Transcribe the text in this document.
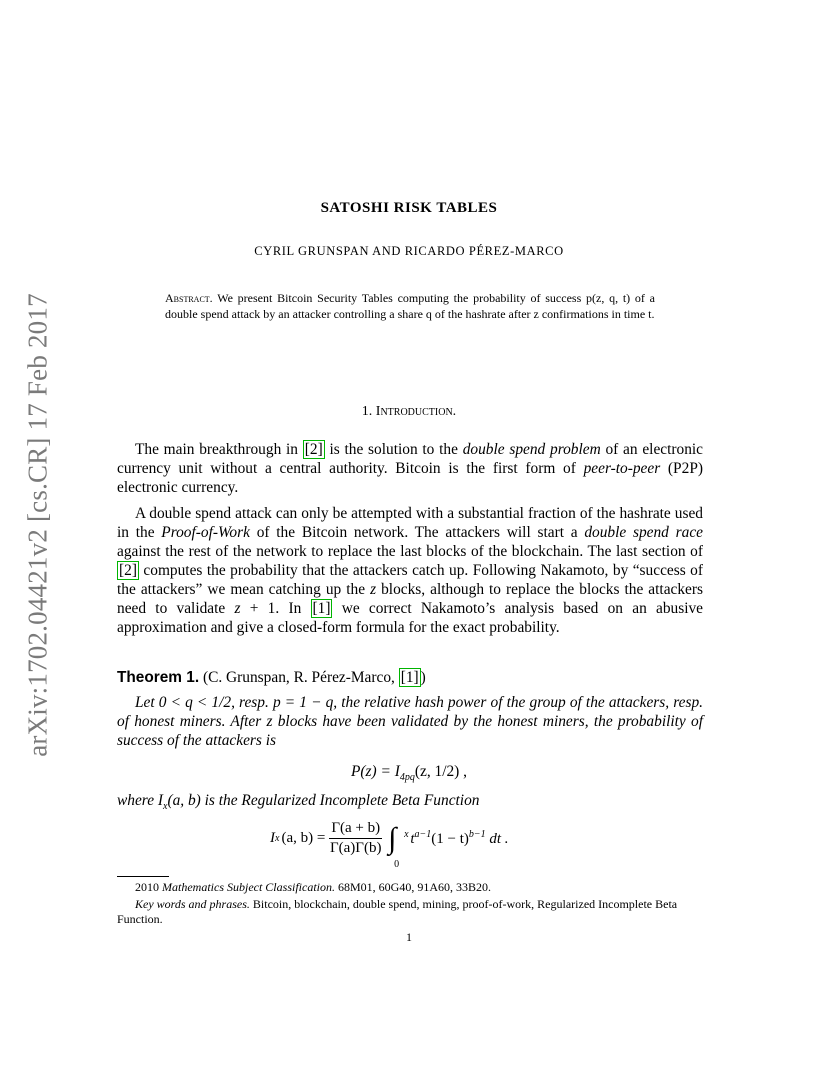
arXiv:1702.04421v2 [cs.CR] 17 Feb 2017
SATOSHI RISK TABLES
CYRIL GRUNSPAN AND RICARDO PÉREZ-MARCO
Abstract. We present Bitcoin Security Tables computing the probability of success p(z, q, t) of a double spend attack by an attacker controlling a share q of the hashrate after z confirmations in time t.
1. Introduction.
The main breakthrough in [2] is the solution to the double spend problem of an electronic currency unit without a central authority. Bitcoin is the first form of peer-to-peer (P2P) electronic currency.
A double spend attack can only be attempted with a substantial fraction of the hashrate used in the Proof-of-Work of the Bitcoin network. The attackers will start a double spend race against the rest of the network to replace the last blocks of the blockchain. The last section of [2] computes the probability that the attackers catch up. Following Nakamoto, by “success of the attackers” we mean catching up the z blocks, although to replace the blocks the attackers need to validate z + 1. In [1] we correct Nakamoto’s analysis based on an abusive approximation and give a closed-form formula for the exact probability.
Theorem 1. (C. Grunspan, R. Pérez-Marco, [1] )
Let 0 < q < 1/2, resp. p = 1 − q, the relative hash power of the group of the attackers, resp. of honest miners. After z blocks have been validated by the honest miners, the probability of success of the attackers is
$P(z) = I_{4pq}(z$, 1/2) ,
where $I_x(a$, b) is the Regularized Incomplete Beta Function
I x (a, $b) = \frac{\Gamma(a + b)}{\Gamma(a)\Gamma(b)}$ ∫ x
0
$t^{a-1}(1 - t)^{b-1}$ dt .
2010 Mathematics Subject Classification. 68M01, 60G40, 91A60, 33B20.
Key words and phrases. Bitcoin, blockchain, double spend, mining, proof-of-work, Regularized Incomplete Beta Function.
1
